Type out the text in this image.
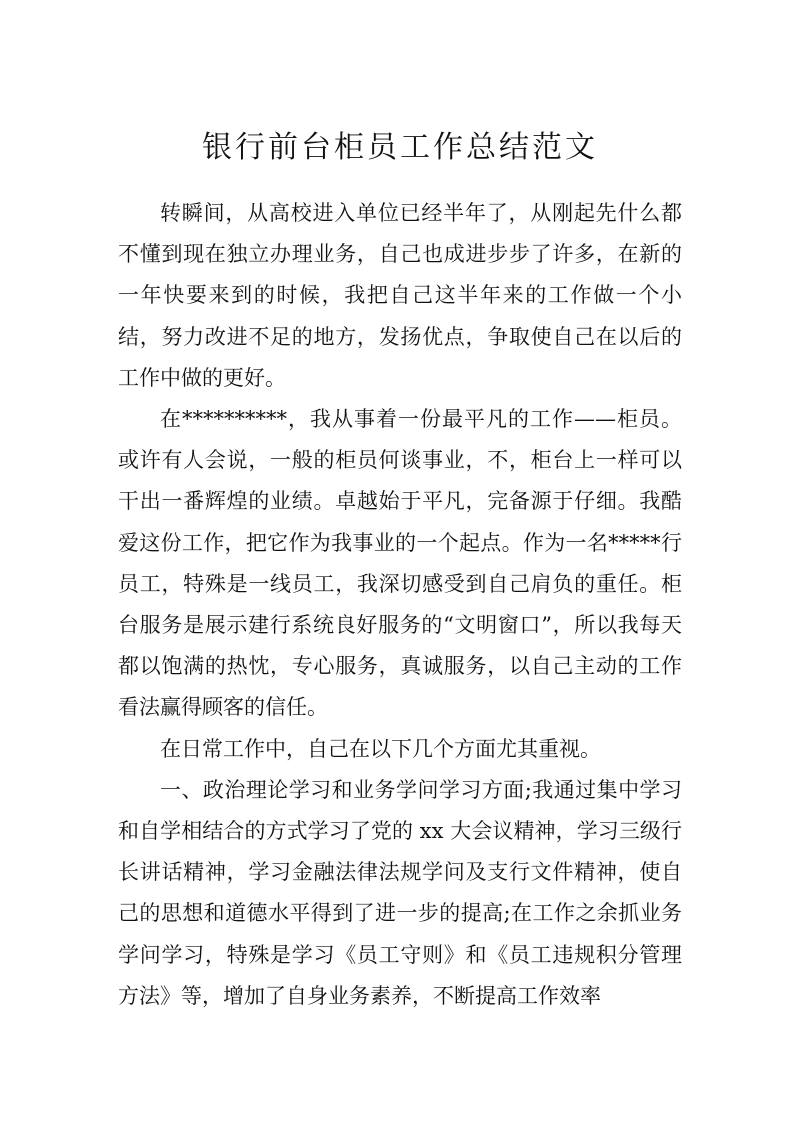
银行前台柜员工作总结范文

转瞬间，从高校进入单位已经半年了，从刚起先什么都不懂到现在独立办理业务，自己也成进步步了许多，在新的一年快要来到的时候，我把自己这半年来的工作做一个小结，努力改进不足的地方，发扬优点，争取使自己在以后的工作中做的更好。

在**********，我从事着一份最平凡的工作——柜员。或许有人会说，一般的柜员何谈事业，不，柜台上一样可以干出一番辉煌的业绩。卓越始于平凡，完备源于仔细。我酷爱这份工作，把它作为我事业的一个起点。作为一名*****行员工，特殊是一线员工，我深切感受到自己肩负的重任。柜台服务是展示建行系统良好服务的“文明窗口”，所以我每天都以饱满的热忱，专心服务，真诚服务，以自己主动的工作看法赢得顾客的信任。

在日常工作中，自己在以下几个方面尤其重视。

一、政治理论学习和业务学问学习方面;我通过集中学习和自学相结合的方式学习了党的 xx 大会议精神，学习三级行长讲话精神，学习金融法律法规学问及支行文件精神，使自己的思想和道德水平得到了进一步的提高;在工作之余抓业务学问学习，特殊是学习《员工守则》和《员工违规积分管理方法》等，增加了自身业务素养，不断提高工作效率
